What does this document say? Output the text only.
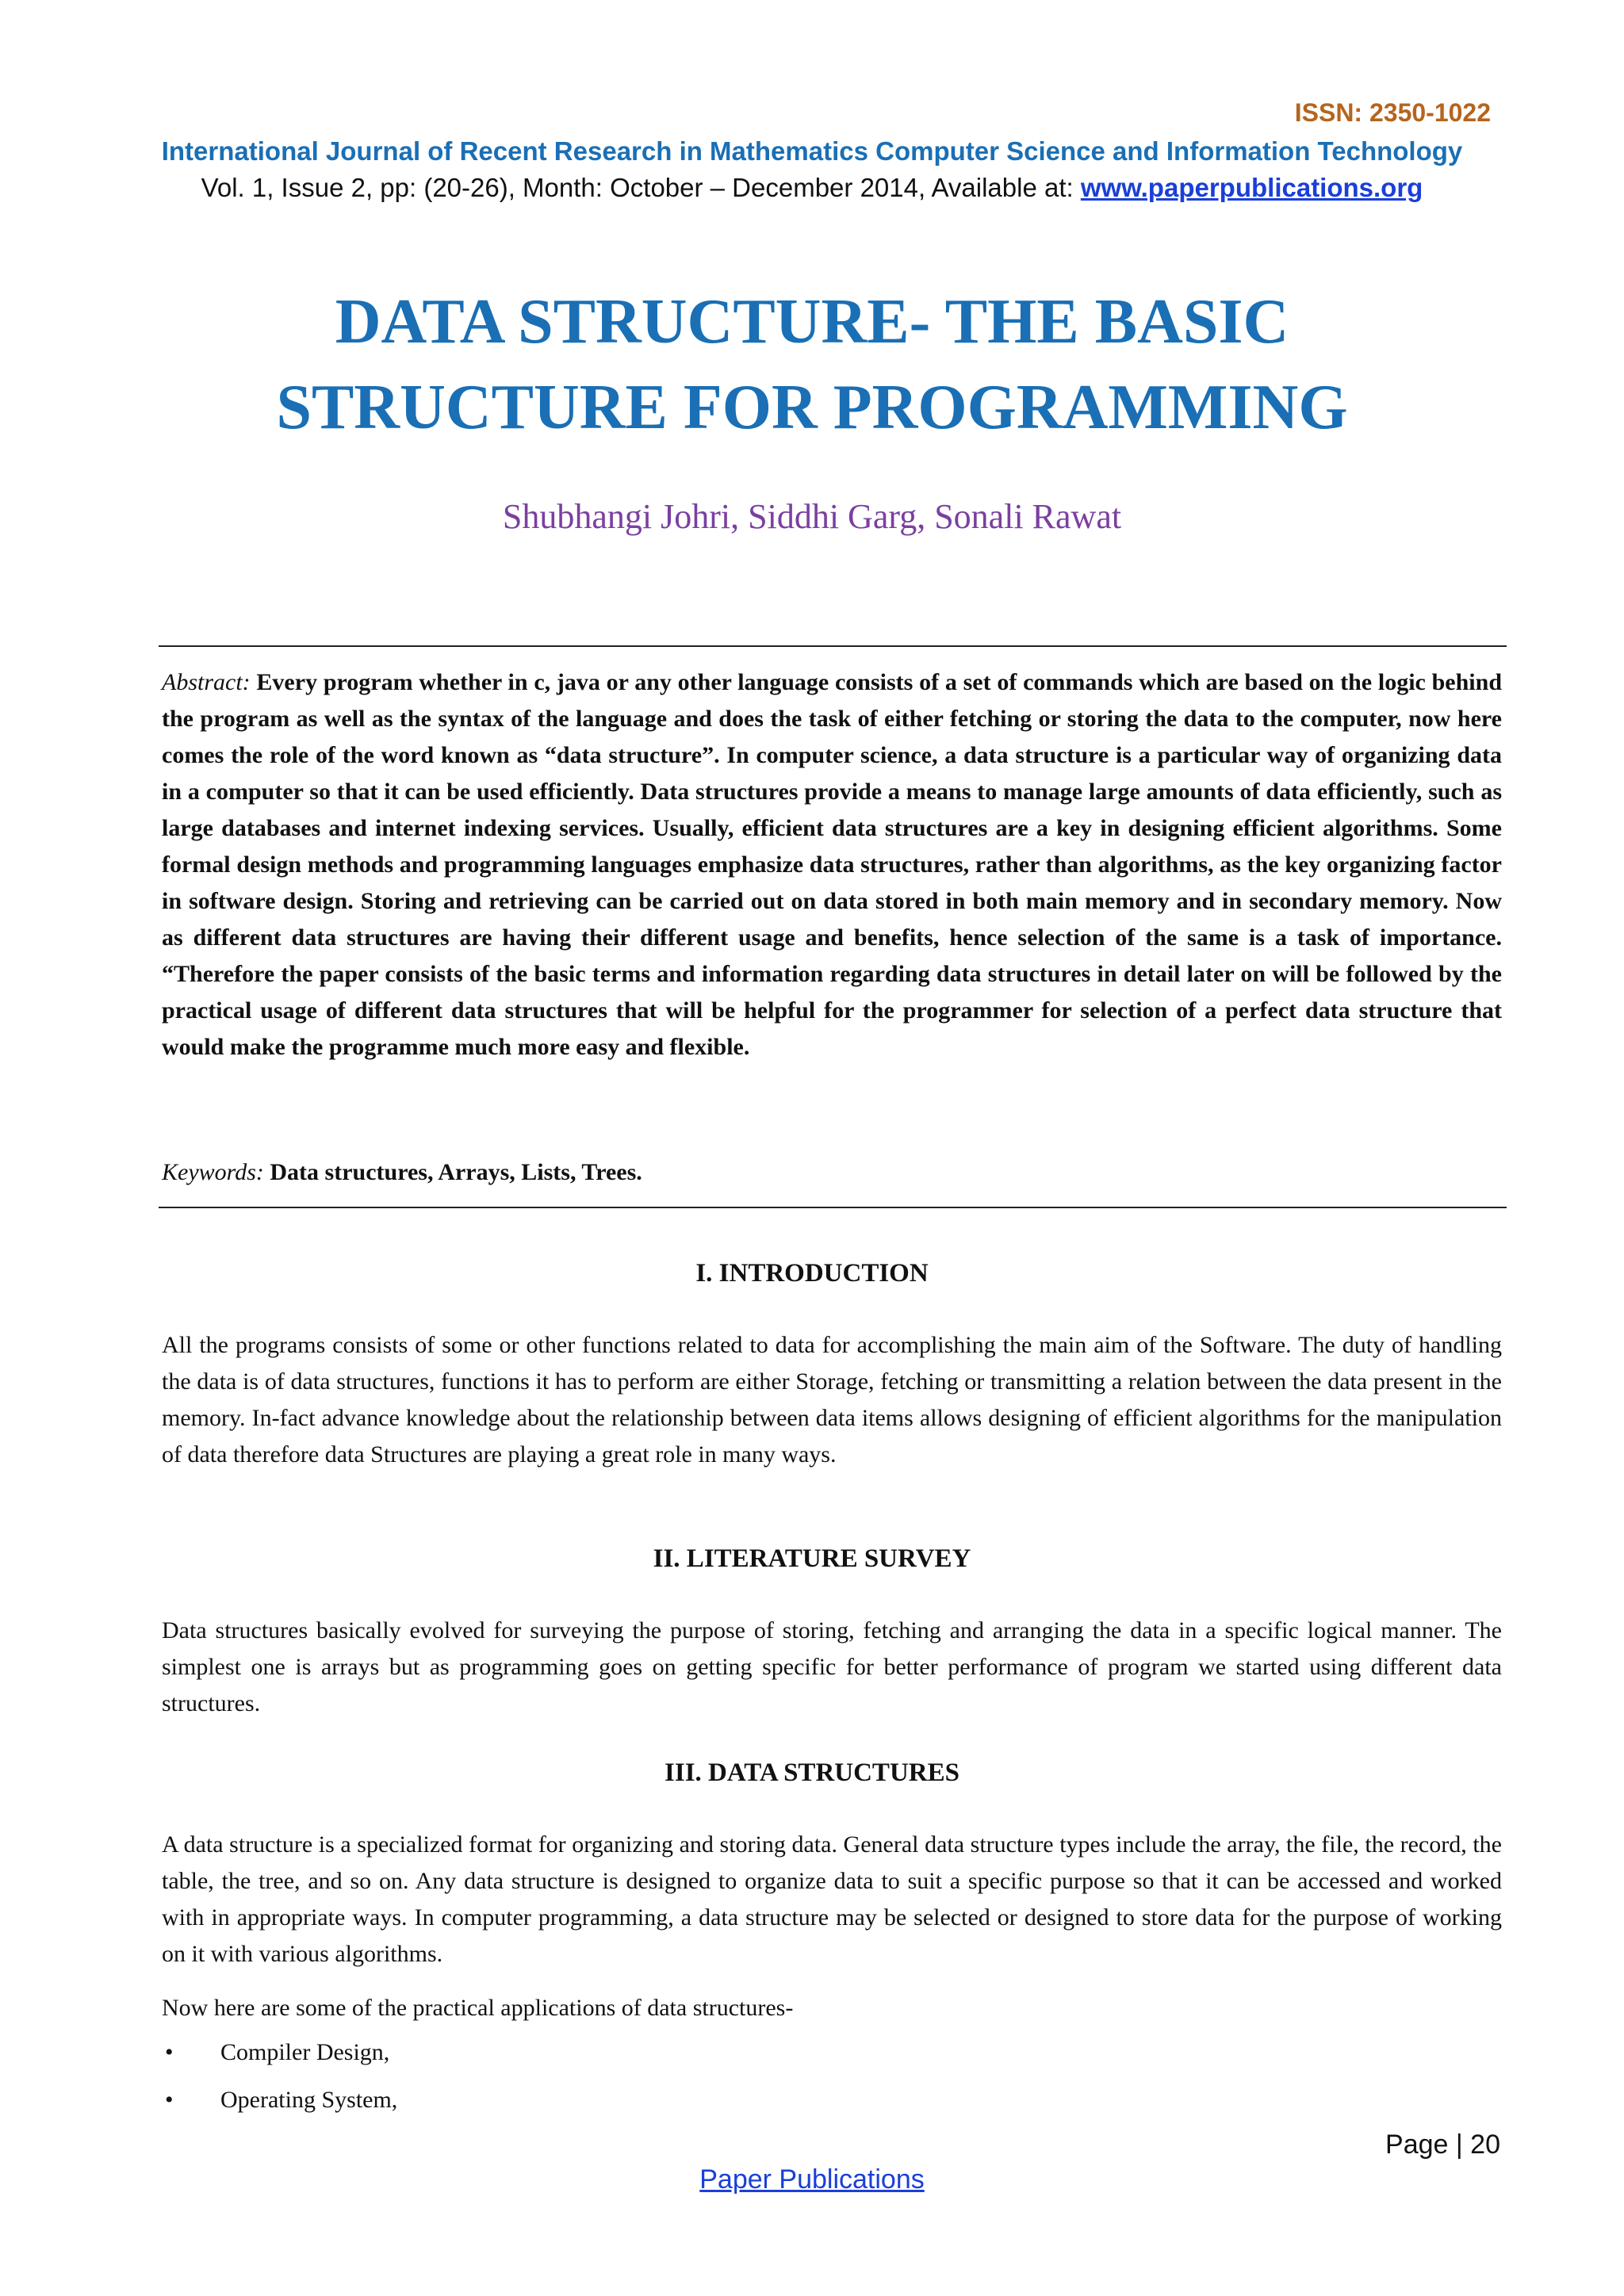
ISSN: 2350-1022
International Journal of Recent Research in Mathematics Computer Science and Information Technology
Vol. 1, Issue 2, pp: (20-26), Month: October – December 2014, Available at: www.paperpublications.org
DATA STRUCTURE- THE BASIC
STRUCTURE FOR PROGRAMMING
Shubhangi Johri, Siddhi Garg, Sonali Rawat
Abstract: Every program whether in c, java or any other language consists of a set of commands which are based on the logic behind the program as well as the syntax of the language and does the task of either fetching or storing the data to the computer, now here comes the role of the word known as “data structure”. In computer science, a data structure is a particular way of organizing data in a computer so that it can be used efficiently. Data structures provide a means to manage large amounts of data efficiently, such as large databases and internet indexing services. Usually, efficient data structures are a key in designing efficient algorithms. Some formal design methods and programming languages emphasize data structures, rather than algorithms, as the key organizing factor in software design. Storing and retrieving can be carried out on data stored in both main memory and in secondary memory. Now as different data structures are having their different usage and benefits, hence selection of the same is a task of importance. “Therefore the paper consists of the basic terms and information regarding data structures in detail later on will be followed by the practical usage of different data structures that will be helpful for the programmer for selection of a perfect data structure that would make the programme much more easy and flexible.
Keywords: Data structures, Arrays, Lists, Trees.
I. INTRODUCTION
All the programs consists of some or other functions related to data for accomplishing the main aim of the Software. The duty of handling the data is of data structures, functions it has to perform are either Storage, fetching or transmitting a relation between the data present in the memory. In-fact advance knowledge about the relationship between data items allows designing of efficient algorithms for the manipulation of data therefore data Structures are playing a great role in many ways.
II. LITERATURE SURVEY
Data structures basically evolved for surveying the purpose of storing, fetching and arranging the data in a specific logical manner. The simplest one is arrays but as programming goes on getting specific for better performance of program we started using different data structures.
III. DATA STRUCTURES
A data structure is a specialized format for organizing and storing data. General data structure types include the array, the file, the record, the table, the tree, and so on. Any data structure is designed to organize data to suit a specific purpose so that it can be accessed and worked with in appropriate ways. In computer programming, a data structure may be selected or designed to store data for the purpose of working on it with various algorithms.
Now here are some of the practical applications of data structures-
• Compiler Design,
• Operating System,
Page | 20
Paper Publications
